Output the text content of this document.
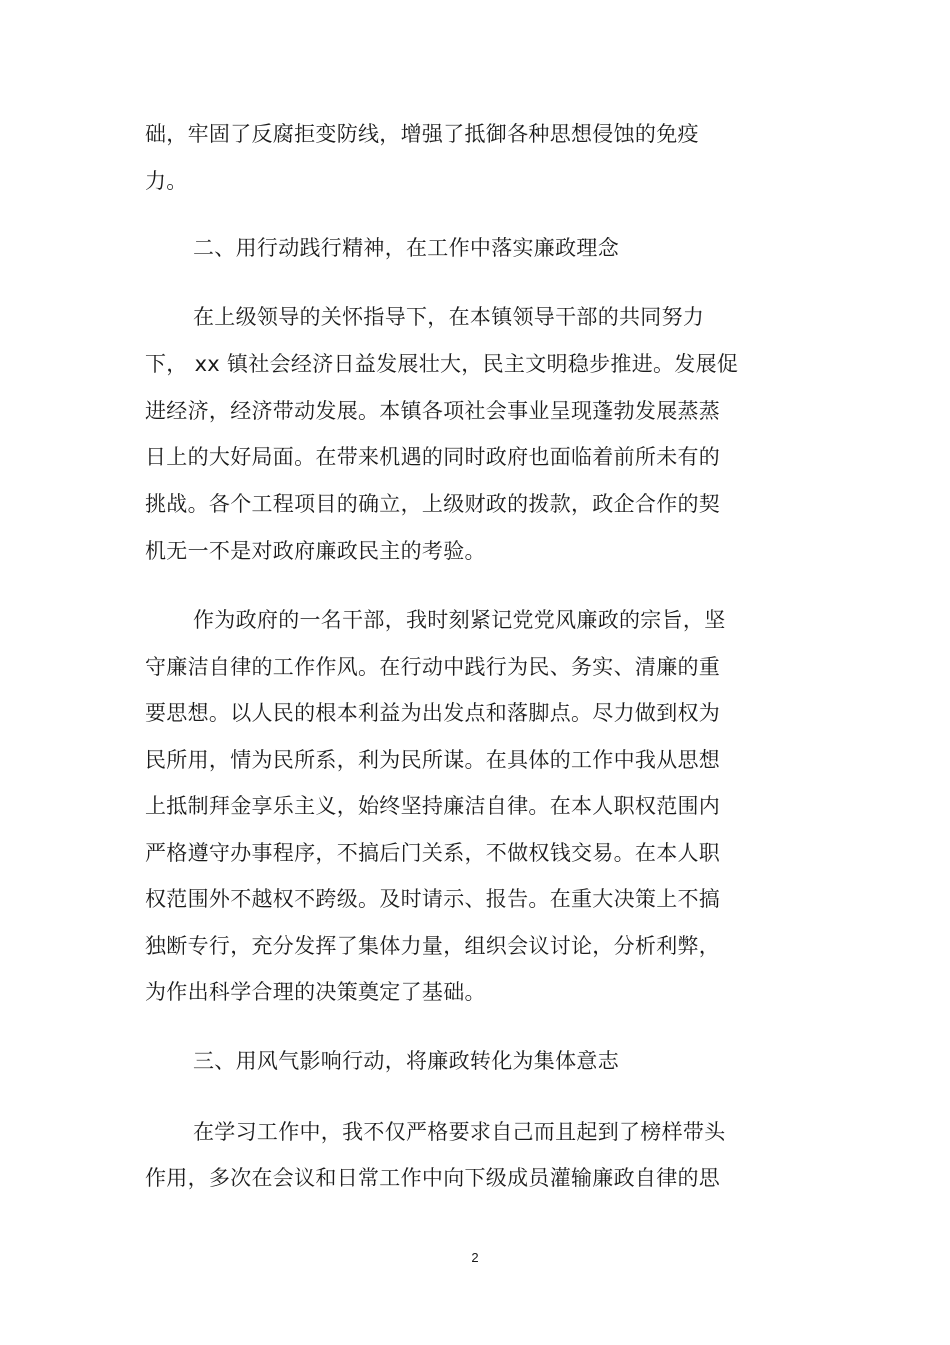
础，牢固了反腐拒变防线，增强了抵御各种思想侵蚀的免疫
力。
二、用行动践行精神，在工作中落实廉政理念
在上级领导的关怀指导下，在本镇领导干部的共同努力
下， xx 镇社会经济日益发展壮大，民主文明稳步推进。发展促
进经济，经济带动发展。本镇各项社会事业呈现蓬勃发展蒸蒸
日上的大好局面。在带来机遇的同时政府也面临着前所未有的
挑战。各个工程项目的确立，上级财政的拨款，政企合作的契
机无一不是对政府廉政民主的考验。
作为政府的一名干部，我时刻紧记党党风廉政的宗旨，坚
守廉洁自律的工作作风。在行动中践行为民、务实、清廉的重
要思想。以人民的根本利益为出发点和落脚点。尽力做到权为
民所用，情为民所系，利为民所谋。在具体的工作中我从思想
上抵制拜金享乐主义，始终坚持廉洁自律。在本人职权范围内
严格遵守办事程序，不搞后门关系，不做权钱交易。在本人职
权范围外不越权不跨级。及时请示、报告。在重大决策上不搞
独断专行，充分发挥了集体力量，组织会议讨论，分析利弊，
为作出科学合理的决策奠定了基础。
三、用风气影响行动，将廉政转化为集体意志
在学习工作中，我不仅严格要求自己而且起到了榜样带头
作用，多次在会议和日常工作中向下级成员灌输廉政自律的思
2
